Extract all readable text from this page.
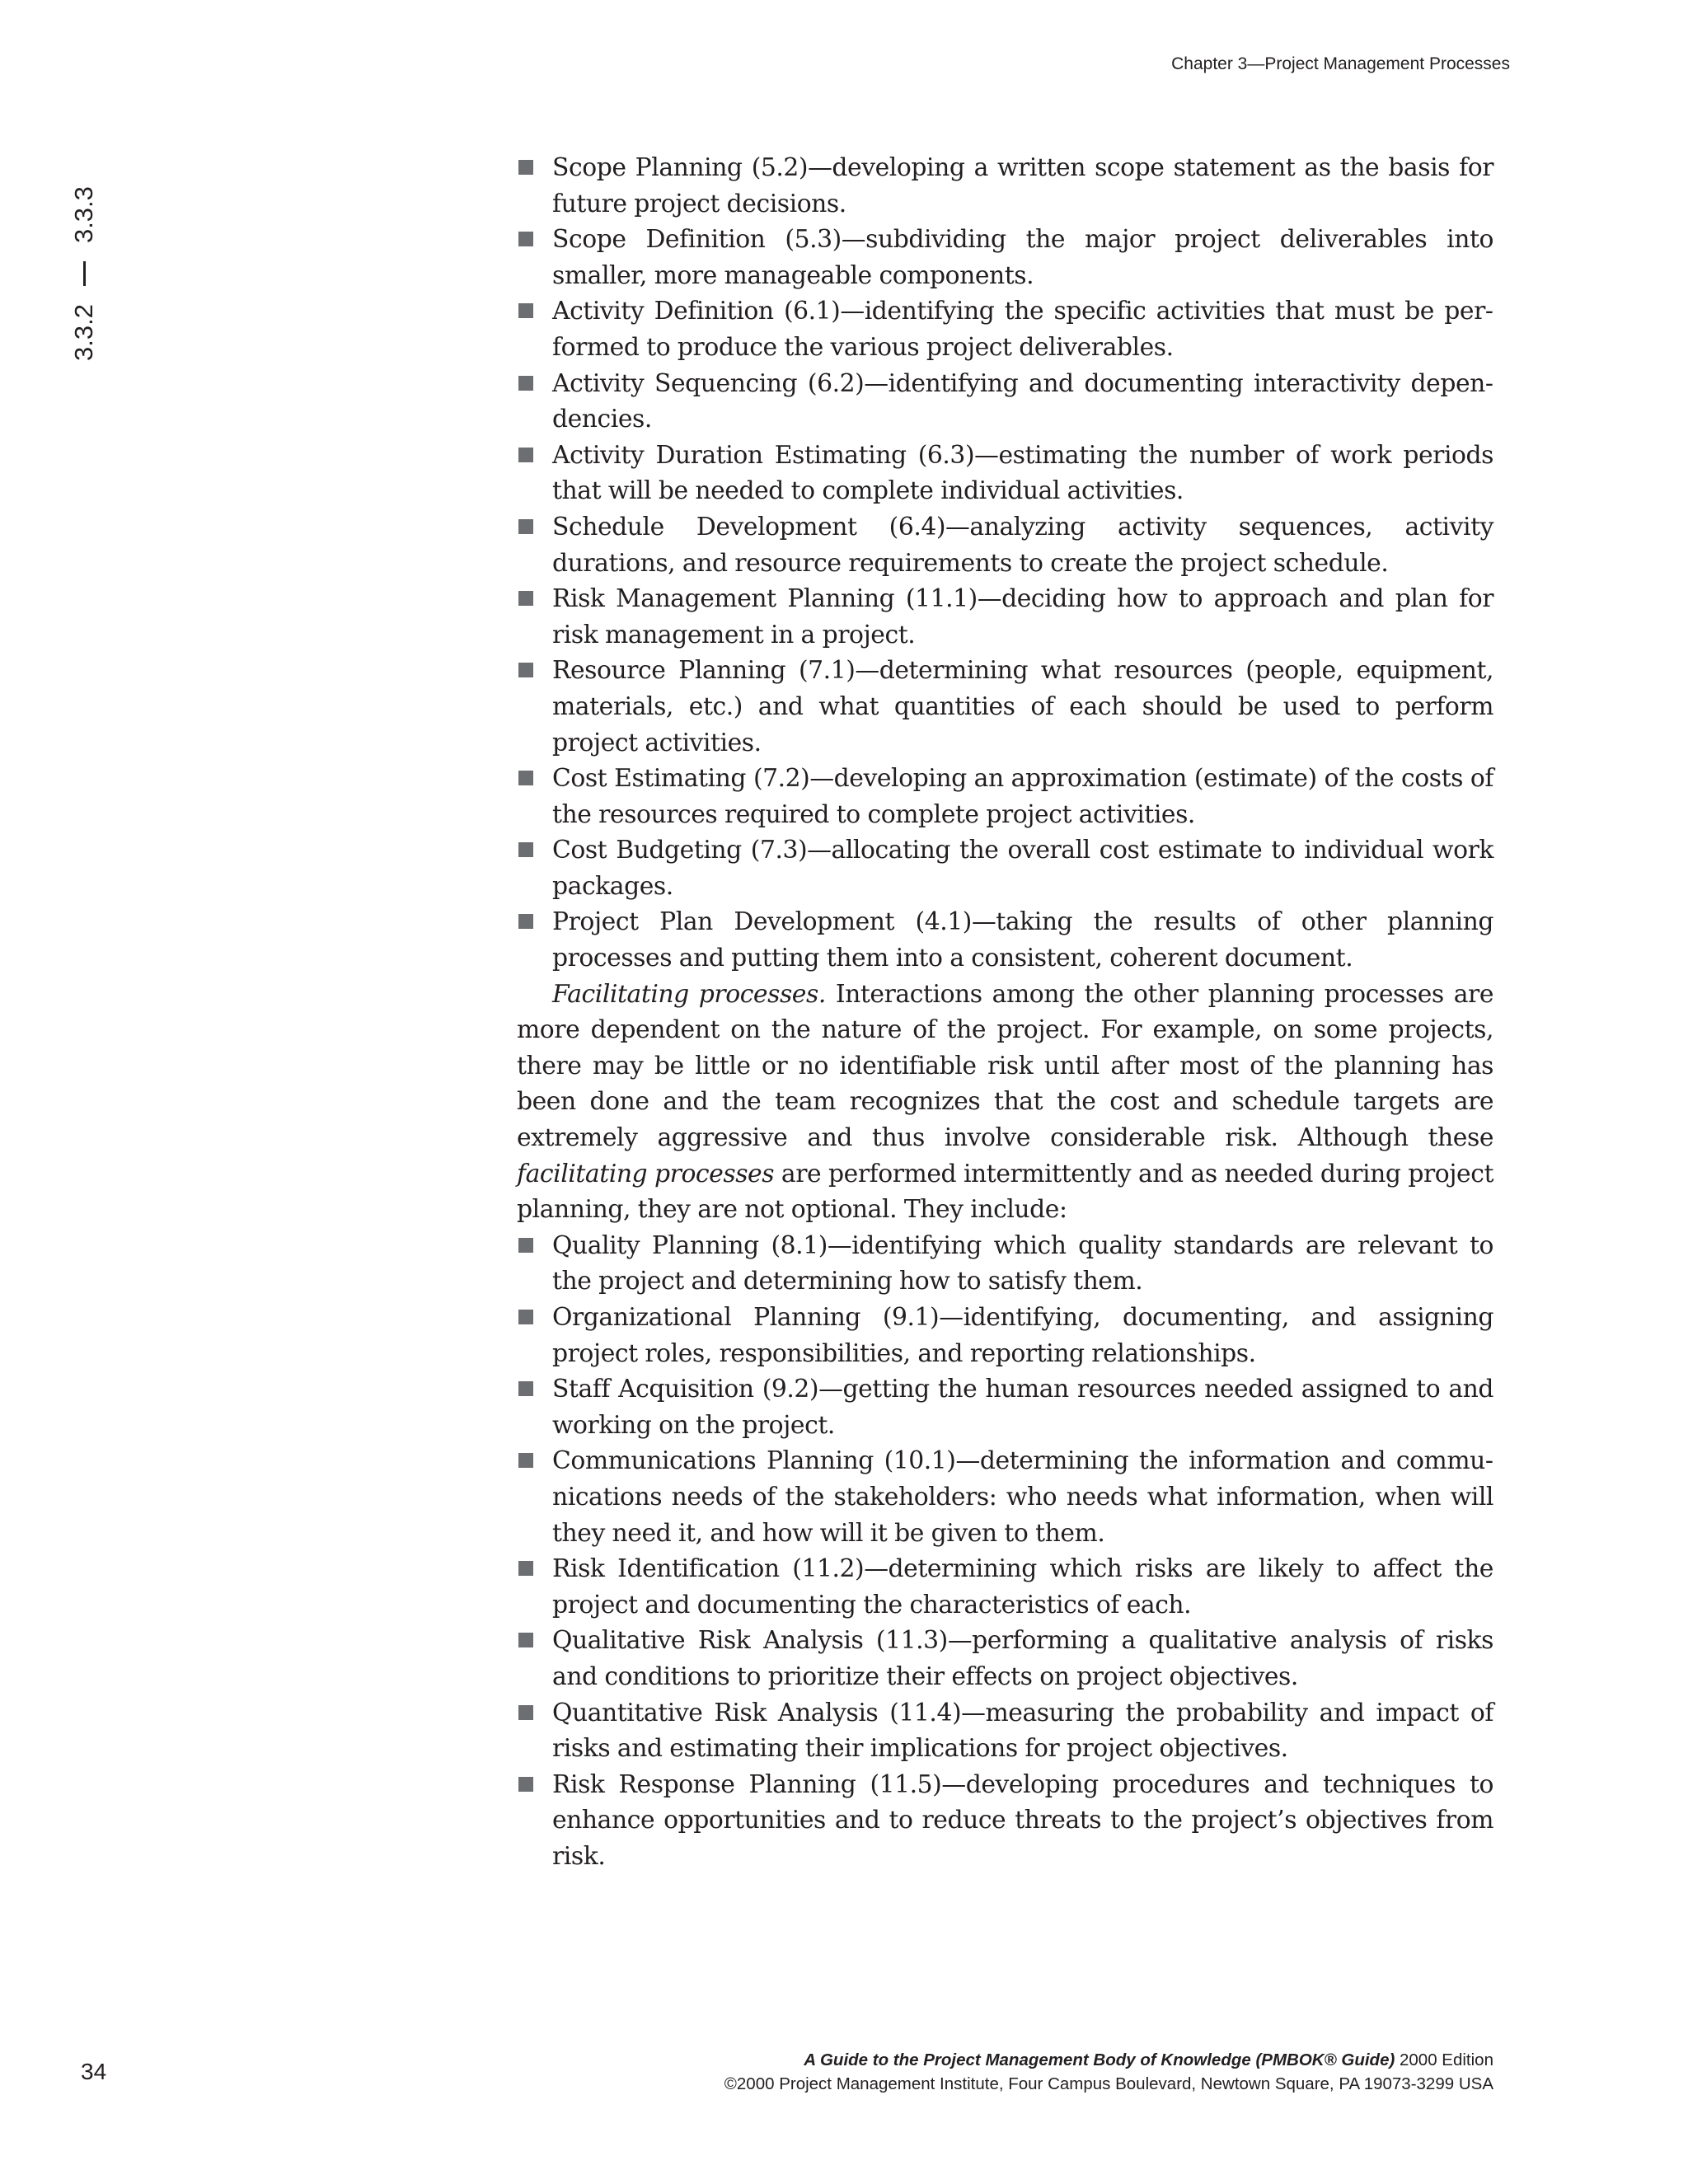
Chapter 3—Project Management Processes
3.3.2
3.3.3
Scope Planning (5.2)—developing a written scope statement as the basis for future project decisions.
Scope Definition (5.3)—subdividing the major project deliverables into smaller, more manageable components.
Activity Definition (6.1)—identifying the specific activities that must be performed to produce the various project deliverables.
Activity Sequencing (6.2)—identifying and documenting interactivity dependencies.
Activity Duration Estimating (6.3)—estimating the number of work periods that will be needed to complete individual activities.
Schedule Development (6.4)—analyzing activity sequences, activity durations, and resource requirements to create the project schedule.
Risk Management Planning (11.1)—deciding how to approach and plan for risk management in a project.
Resource Planning (7.1)—determining what resources (people, equipment, materials, etc.) and what quantities of each should be used to perform project activities.
Cost Estimating (7.2)—developing an approximation (estimate) of the costs of the resources required to complete project activities.
Cost Budgeting (7.3)—allocating the overall cost estimate to individual work packages.
Project Plan Development (4.1)—taking the results of other planning processes and putting them into a consistent, coherent document.

Facilitating processes. Interactions among the other planning processes are more dependent on the nature of the project. For example, on some projects, there may be little or no identifiable risk until after most of the planning has been done and the team recognizes that the cost and schedule targets are extremely aggressive and thus involve considerable risk. Although these facilitating processes are performed intermittently and as needed during project planning, they are not optional. They include:

Quality Planning (8.1)—identifying which quality standards are relevant to the project and determining how to satisfy them.
Organizational Planning (9.1)—identifying, documenting, and assigning project roles, responsibilities, and reporting relationships.
Staff Acquisition (9.2)—getting the human resources needed assigned to and working on the project.
Communications Planning (10.1)—determining the information and communications needs of the stakeholders: who needs what information, when will they need it, and how will it be given to them.
Risk Identification (11.2)—determining which risks are likely to affect the project and documenting the characteristics of each.
Qualitative Risk Analysis (11.3)—performing a qualitative analysis of risks and conditions to prioritize their effects on project objectives.
Quantitative Risk Analysis (11.4)—measuring the probability and impact of risks and estimating their implications for project objectives.
Risk Response Planning (11.5)—developing procedures and techniques to enhance opportunities and to reduce threats to the project’s objectives from risk.
34	A Guide to the Project Management Body of Knowledge (PMBOK® Guide) 2000 Edition
©2000 Project Management Institute, Four Campus Boulevard, Newtown Square, PA 19073-3299 USA
